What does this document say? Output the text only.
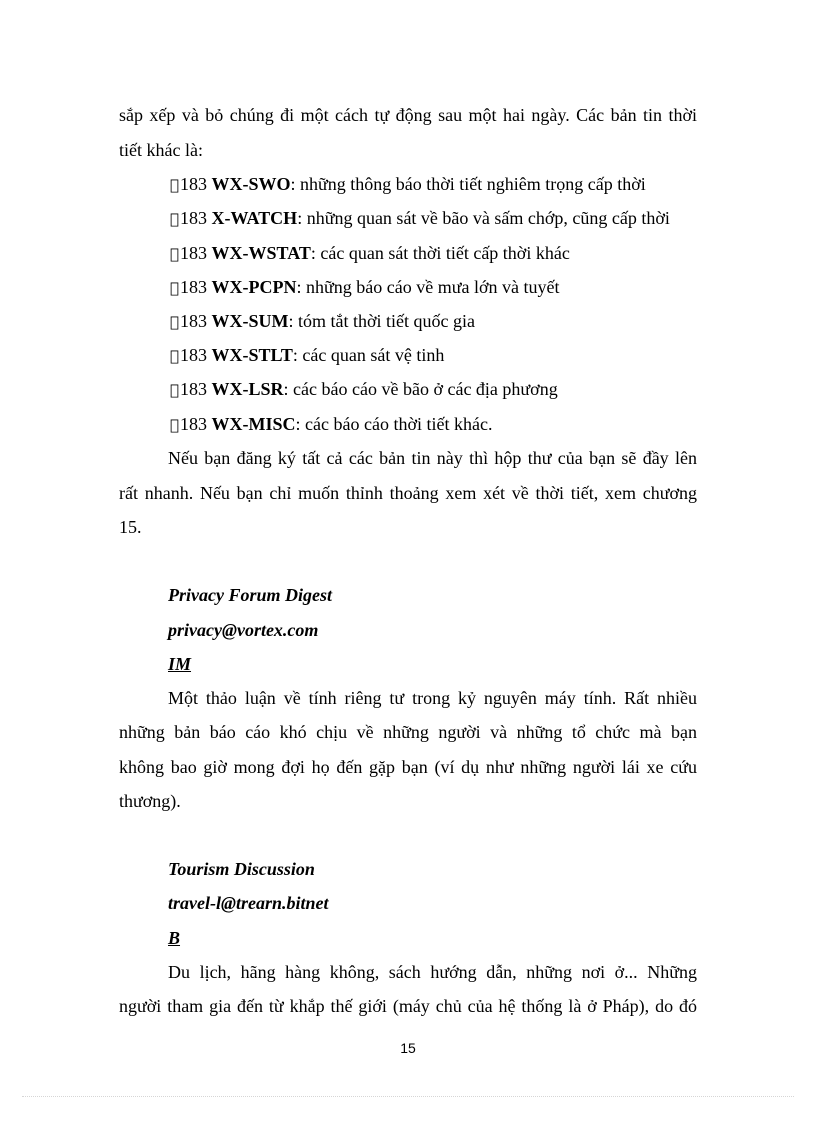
sắp xếp và bỏ chúng đi một cách tự động sau một hai ngày. Các bản tin thời
tiết khác là:
183 WX-SWO: những thông báo thời tiết nghiêm trọng cấp thời
183 X-WATCH: những quan sát về bão và sấm chớp, cũng cấp thời
183 WX-WSTAT: các quan sát thời tiết cấp thời khác
183 WX-PCPN: những báo cáo về mưa lớn và tuyết
183 WX-SUM: tóm tắt thời tiết quốc gia
183 WX-STLT: các quan sát vệ tinh
183 WX-LSR: các báo cáo về bão ở các địa phương
183 WX-MISC: các báo cáo thời tiết khác.
Nếu bạn đăng ký tất cả các bản tin này thì hộp thư của bạn sẽ đầy lên
rất nhanh. Nếu bạn chỉ muốn thỉnh thoảng xem xét về thời tiết, xem chương
15.
Privacy Forum Digest
privacy@vortex.com
IM
Một thảo luận về tính riêng tư trong kỷ nguyên máy tính. Rất nhiều
những bản báo cáo khó chịu về những người và những tổ chức mà bạn
không bao giờ mong đợi họ đến gặp bạn (ví dụ như những người lái xe cứu
thương).
Tourism Discussion
travel-l@trearn.bitnet
B
Du lịch, hãng hàng không, sách hướng dẫn, những nơi ở... Những
người tham gia đến từ khắp thế giới (máy chủ của hệ thống là ở Pháp), do đó
15
